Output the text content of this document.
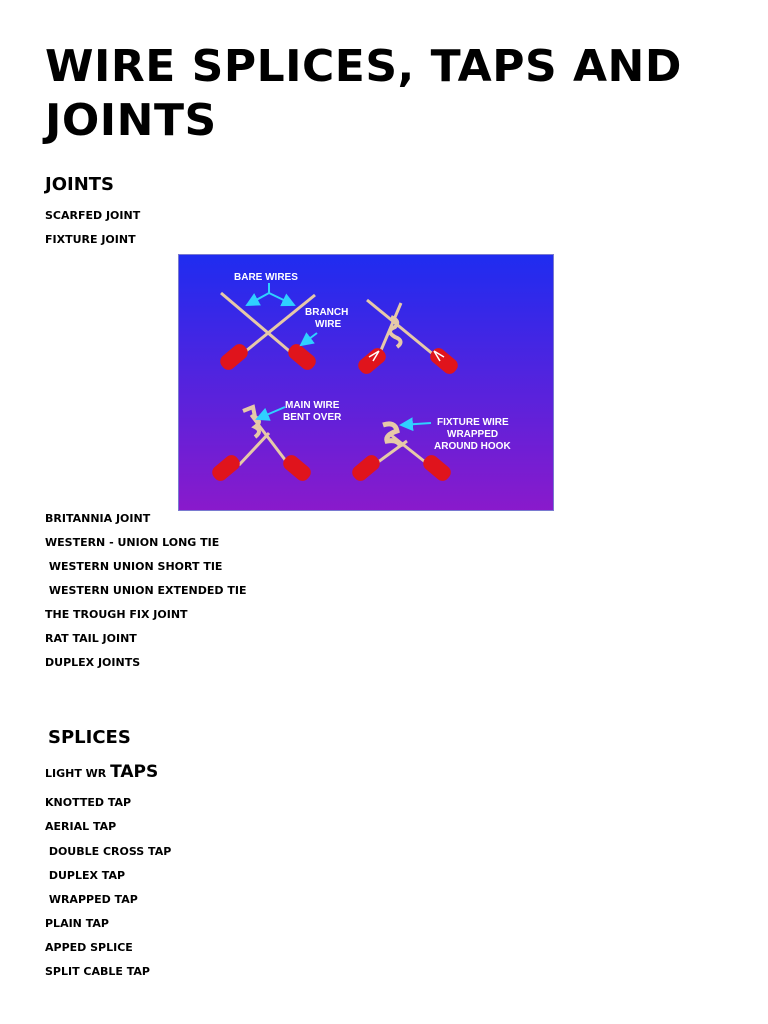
WIRE SPLICES, TAPS AND JOINTS
JOINTS
SCARFED JOINT
FIXTURE JOINT
BARE WIRES
BRANCH
WIRE
MAIN WIRE
BENT OVER	FIXTURE WIRE
WRAPPED
AROUND HOOK
BRITANNIA JOINT
WESTERN - UNION LONG TIE
WESTERN UNION SHORT TIE
WESTERN UNION EXTENDED TIE
THE TROUGH FIX JOINT
RAT TAIL JOINT
DUPLEX JOINTS
SPLICES
LIGHT WR TAPS
KNOTTED TAP
AERIAL TAP
DOUBLE CROSS TAP
DUPLEX TAP
WRAPPED TAP
PLAIN TAP
APPED SPLICE
SPLIT CABLE TAP
